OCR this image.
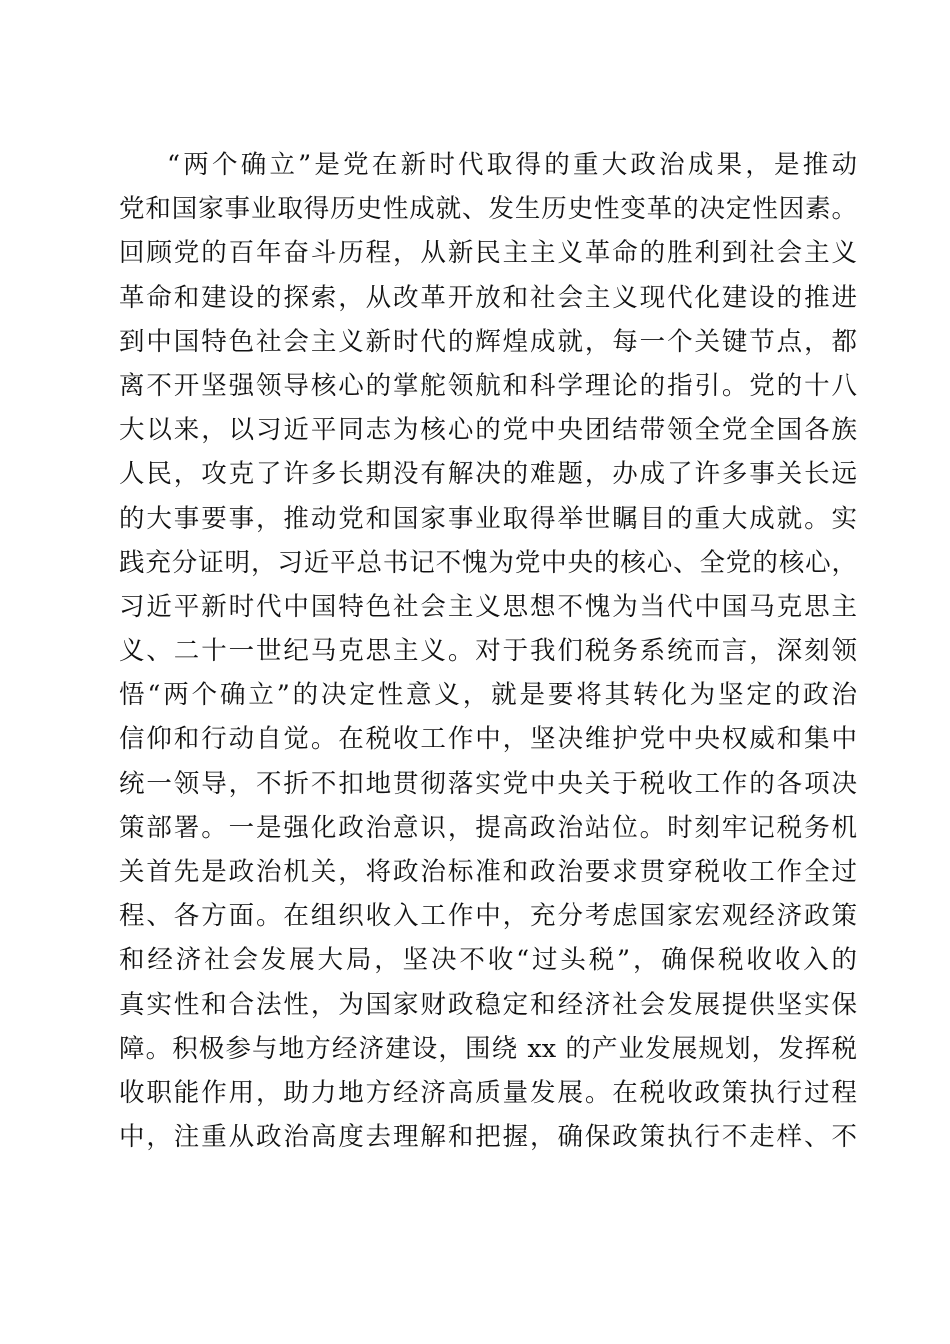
“两个确立”是党在新时代取得的重大政治成果，是推动
党和国家事业取得历史性成就、发生历史性变革的决定性因素。
回顾党的百年奋斗历程，从新民主主义革命的胜利到社会主义
革命和建设的探索，从改革开放和社会主义现代化建设的推进
到中国特色社会主义新时代的辉煌成就，每一个关键节点，都
离不开坚强领导核心的掌舵领航和科学理论的指引。党的十八
大以来，以习近平同志为核心的党中央团结带领全党全国各族
人民，攻克了许多长期没有解决的难题，办成了许多事关长远
的大事要事，推动党和国家事业取得举世瞩目的重大成就。实
践充分证明，习近平总书记不愧为党中央的核心、全党的核心，
习近平新时代中国特色社会主义思想不愧为当代中国马克思主
义、二十一世纪马克思主义。对于我们税务系统而言，深刻领
悟“两个确立”的决定性意义，就是要将其转化为坚定的政治
信仰和行动自觉。在税收工作中，坚决维护党中央权威和集中
统一领导，不折不扣地贯彻落实党中央关于税收工作的各项决
策部署。一是强化政治意识，提高政治站位。时刻牢记税务机
关首先是政治机关，将政治标准和政治要求贯穿税收工作全过
程、各方面。在组织收入工作中，充分考虑国家宏观经济政策
和经济社会发展大局，坚决不收“过头税”，确保税收收入的
真实性和合法性，为国家财政稳定和经济社会发展提供坚实保
障。积极参与地方经济建设，围绕 xx 的产业发展规划，发挥税
收职能作用，助力地方经济高质量发展。在税收政策执行过程
中，注重从政治高度去理解和把握，确保政策执行不走样、不
